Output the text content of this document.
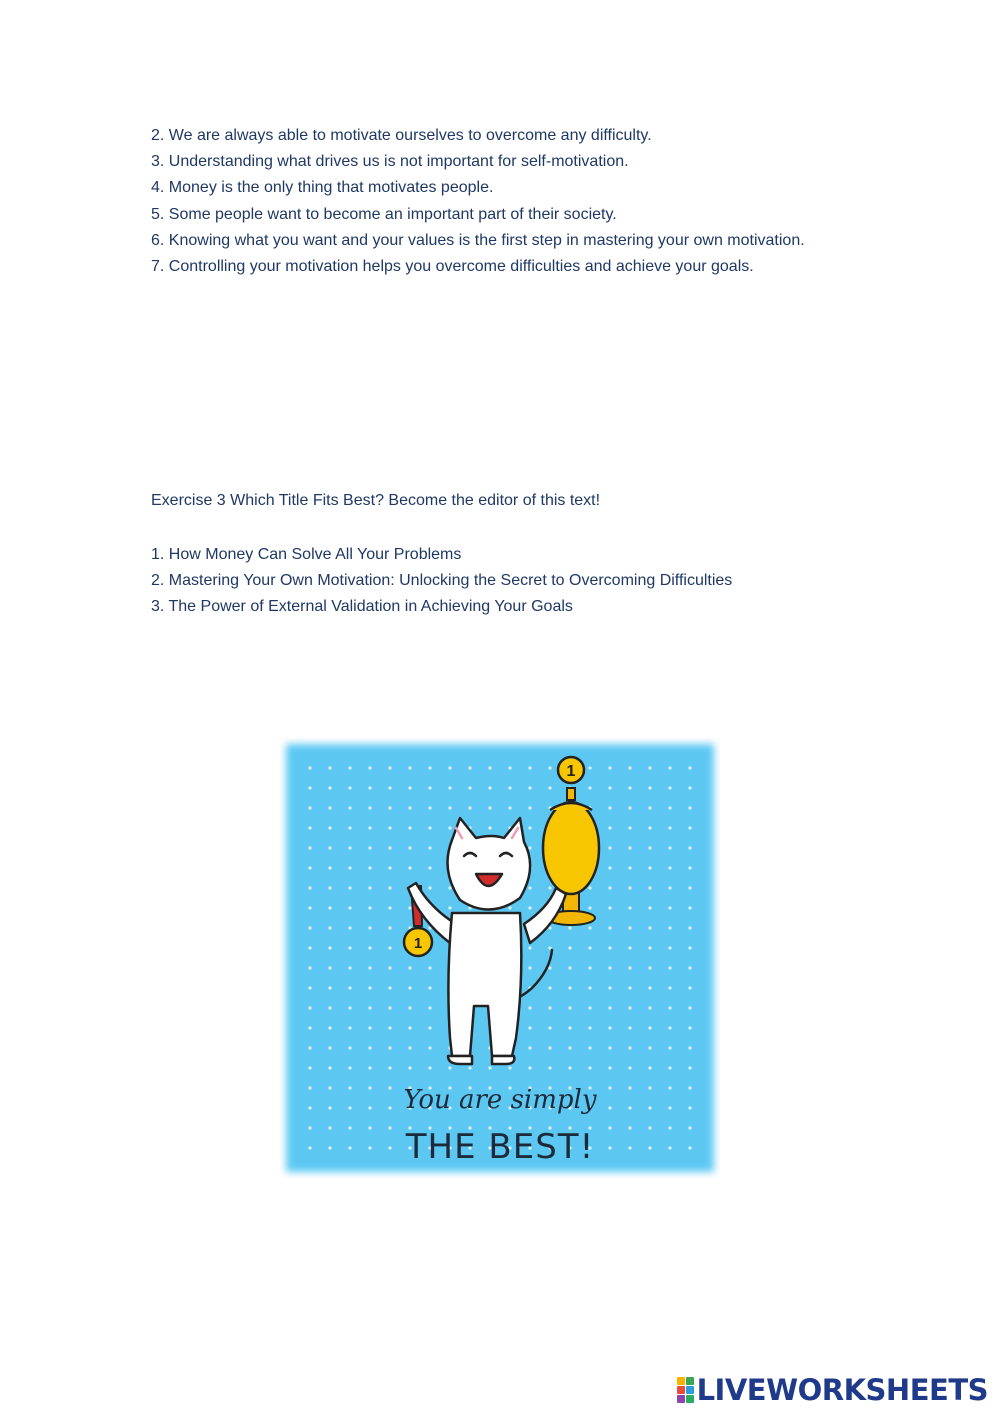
2. We are always able to motivate ourselves to overcome any difficulty.
3. Understanding what drives us is not important for self-motivation.
4. Money is the only thing that motivates people.
5. Some people want to become an important part of their society.
6. Knowing what you want and your values is the first step in mastering your own motivation.
7. Controlling your motivation helps you overcome difficulties and achieve your goals.
Exercise 3 Which Title Fits Best? Become the editor of this text!
1. How Money Can Solve All Your Problems
2. Mastering Your Own Motivation: Unlocking the Secret to Overcoming Difficulties
3. The Power of External Validation in Achieving Your Goals
1
1
You are simply
THE BEST!
LIVEWORKSHEETS
